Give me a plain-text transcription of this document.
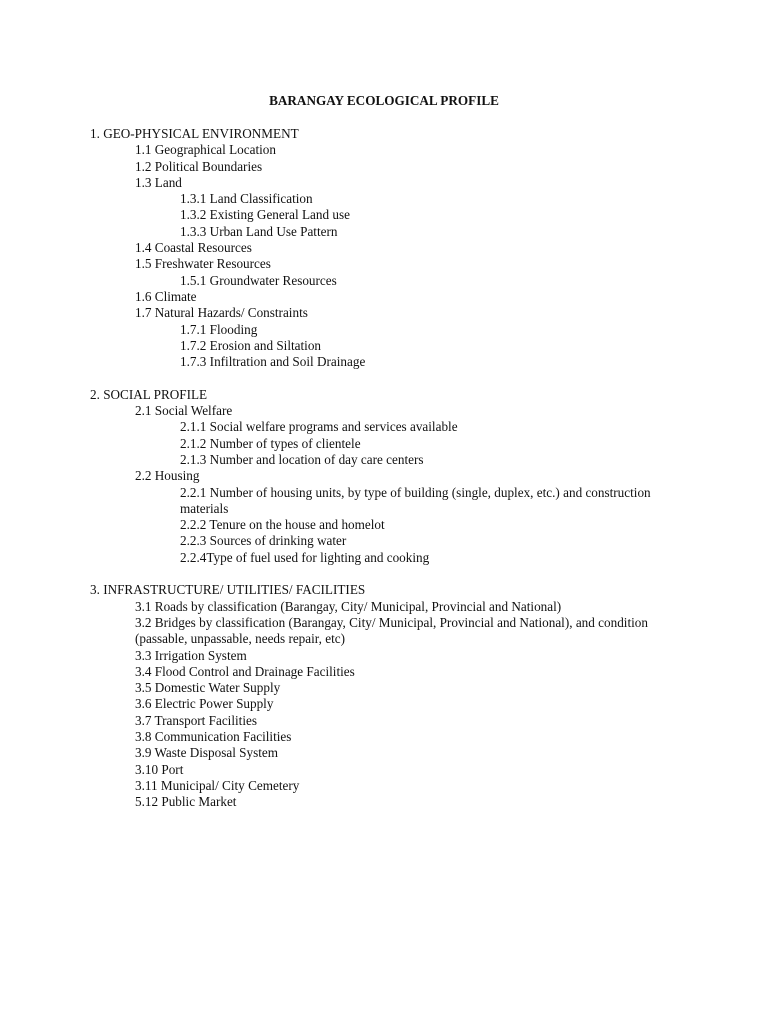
BARANGAY ECOLOGICAL PROFILE
1. GEO-PHYSICAL ENVIRONMENT
1.1 Geographical Location
1.2 Political Boundaries
1.3 Land
1.3.1 Land Classification
1.3.2 Existing General Land use
1.3.3 Urban Land Use Pattern
1.4 Coastal Resources
1.5 Freshwater Resources
1.5.1 Groundwater Resources
1.6 Climate
1.7 Natural Hazards/ Constraints
1.7.1 Flooding
1.7.2 Erosion and Siltation
1.7.3 Infiltration and Soil Drainage
2. SOCIAL PROFILE
2.1 Social Welfare
2.1.1 Social welfare programs and services available
2.1.2 Number of types of clientele
2.1.3 Number and location of day care centers
2.2 Housing
2.2.1 Number of housing units, by type of building (single, duplex, etc.) and construction materials
2.2.2 Tenure on the house and homelot
2.2.3 Sources of drinking water
2.2.4Type of fuel used for lighting and cooking
3. INFRASTRUCTURE/ UTILITIES/ FACILITIES
3.1 Roads by classification (Barangay, City/ Municipal, Provincial and National)
3.2 Bridges by classification (Barangay, City/ Municipal, Provincial and National), and condition (passable, unpassable, needs repair, etc)
3.3 Irrigation System
3.4 Flood Control and Drainage Facilities
3.5 Domestic Water Supply
3.6 Electric Power Supply
3.7 Transport Facilities
3.8 Communication Facilities
3.9 Waste Disposal System
3.10 Port
3.11 Municipal/ City Cemetery
5.12 Public Market
